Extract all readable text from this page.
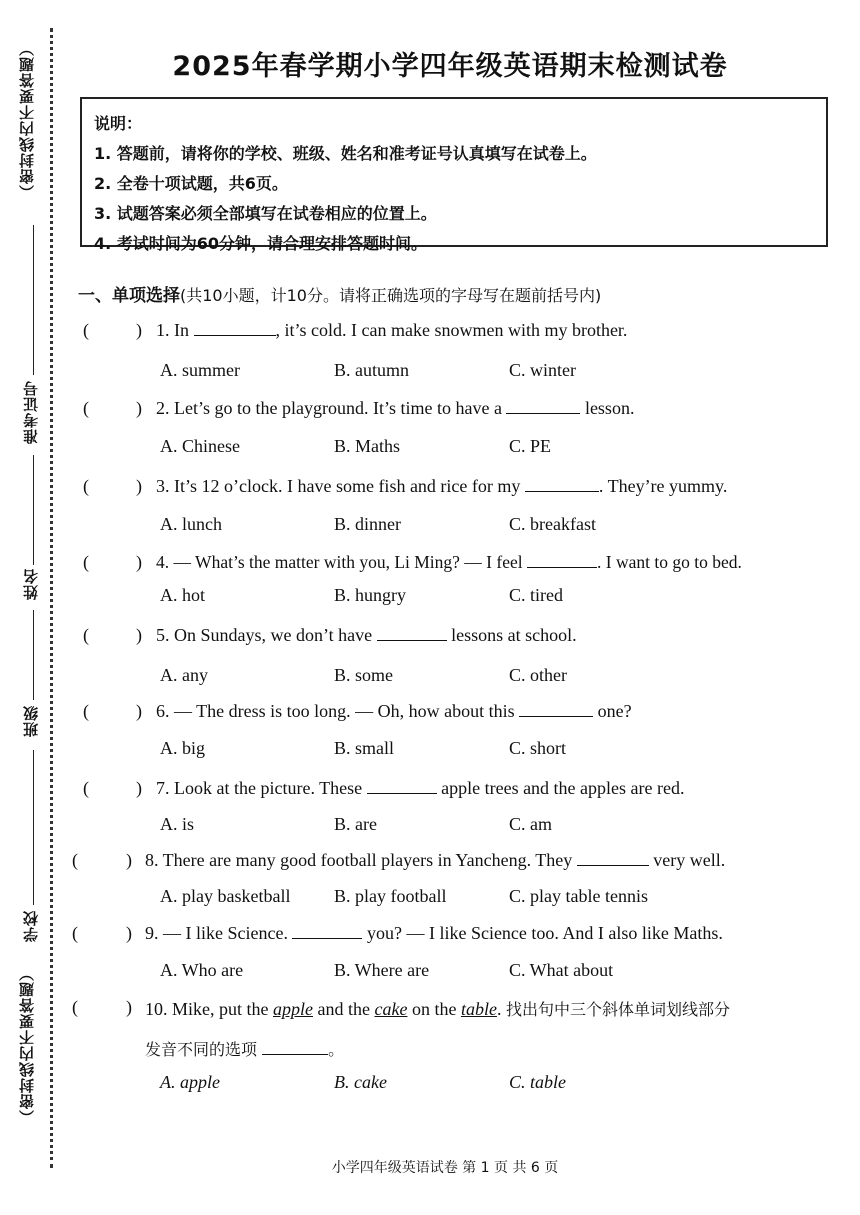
（密封线内不要答题）
准考证号
姓名
班级
学校
（密封线内不要答题）
2025年春学期小学四年级英语期末检测试卷
说明：
1. 答题前，请将你的学校、班级、姓名和准考证号认真填写在试卷上。
2. 全卷十项试题，共6页。
3. 试题答案必须全部填写在试卷相应的位置上。
4. 考试时间为60分钟，请合理安排答题时间。
一、单项选择(共10小题，计10分。请将正确选项的字母写在题前括号内)
(	) 1. In	, it’s cold. I can make snowmen with my brother.
A. summer	B. autumn	C. winter
(	) 2. Let’s go to the playground. It’s time to have a	lesson.
A. Chinese	B. Maths	C. PE
(	) 3. It’s 12 o’clock. I have some fish and rice for my	. They’re yummy.
A. lunch	B. dinner	C. breakfast
(	) 4. — What’s the matter with you, Li Ming? — I feel	. I want to go to bed.
A. hot	B. hungry	C. tired
(	) 5. On Sundays, we don’t have	lessons at school.
A. any	B. some	C. other
(	) 6. — The dress is too long. — Oh, how about this	one?
A. big	B. small	C. short
(	) 7. Look at the picture. These	apple trees and the apples are red.
A. is	B. are	C. am
(	) 8. There are many good football players in Yancheng. They	very well.
A. play basketball B. play football	C. play table tennis
(	) 9. — I like Science.	you? — I like Science too. And I also like Maths.
A. Who are	B. Where are	C. What about
(	) 10. Mike, put the apple and the cake on the table. 找出句中三个斜体单词划线部分
发音不同的选项	。
A. apple	B. cake	C. table
小学四年级英语试卷 第 1 页 共 6 页
